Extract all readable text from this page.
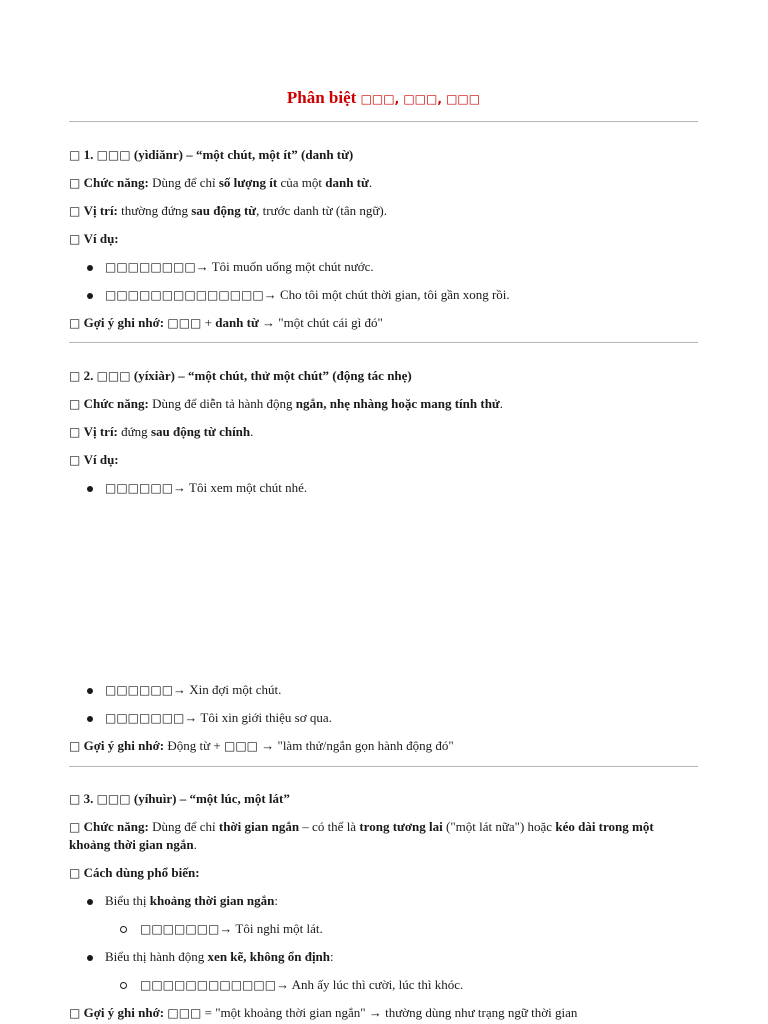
Phân biệt □□□, □□□, □□□

□ 1. □□□ (yìdiǎnr) – “một chút, một ít” (danh từ)

□ Chức năng: Dùng để chỉ số lượng ít của một danh từ.

□ Vị trí: thường đứng sau động từ, trước danh từ (tân ngữ).

□ Ví dụ:

□□□□□□□□→ Tôi muốn uống một chút nước.

□□□□□□□□□□□□□□→ Cho tôi một chút thời gian, tôi gần xong rồi.

□ Gợi ý ghi nhớ: □□□ + danh từ → "một chút cái gì đó"

□ 2. □□□ (yíxiàr) – “một chút, thử một chút” (động tác nhẹ)

□ Chức năng: Dùng để diễn tả hành động ngắn, nhẹ nhàng hoặc mang tính thử.

□ Vị trí: đứng sau động từ chính.

□ Ví dụ:

□□□□□□→ Tôi xem một chút nhé.

□□□□□□→ Xin đợi một chút.

□□□□□□□→ Tôi xin giới thiệu sơ qua.

□ Gợi ý ghi nhớ: Động từ + □□□ → "làm thử/ngắn gọn hành động đó"

□ 3. □□□ (yíhuìr) – “một lúc, một lát”

□ Chức năng: Dùng để chỉ thời gian ngắn – có thể là trong tương lai ("một lát nữa") hoặc kéo dài trong một

khoảng thời gian ngắn.

□ Cách dùng phổ biến:

Biểu thị khoảng thời gian ngắn:

□□□□□□□→ Tôi nghỉ một lát.

Biểu thị hành động xen kẽ, không ổn định:

□□□□□□□□□□□□→ Anh ấy lúc thì cười, lúc thì khóc.

□ Gợi ý ghi nhớ: □□□ = "một khoảng thời gian ngắn" → thường dùng như trạng ngữ thời gian
